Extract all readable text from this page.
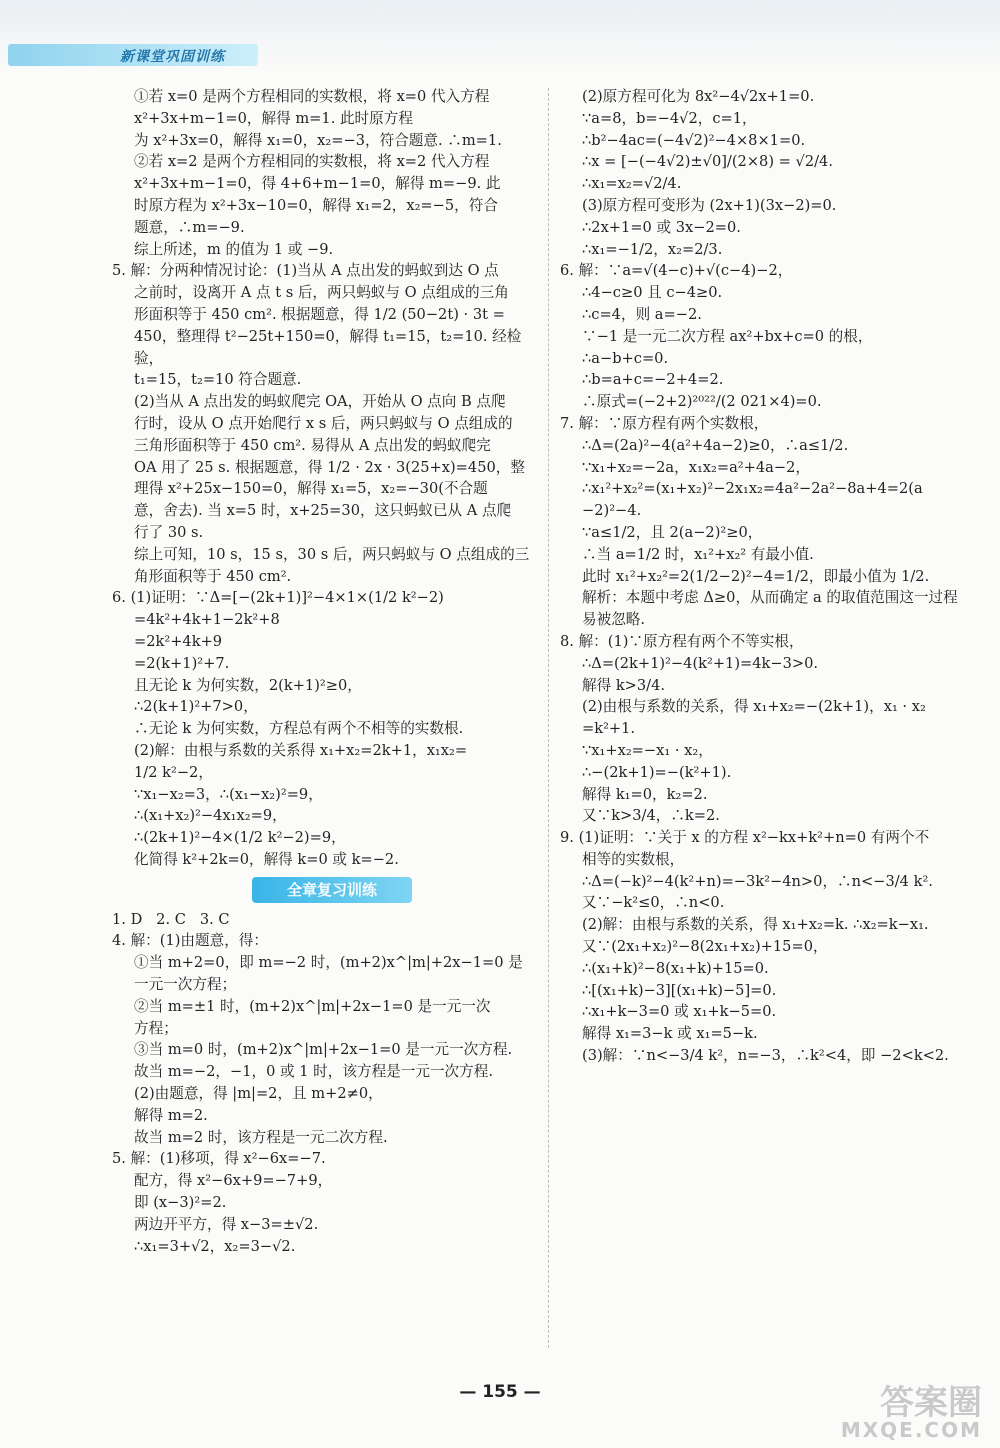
新课堂巩固训练
①若 x=0 是两个方程相同的实数根，将 x=0 代入方程
x²+3x+m−1=0，解得 m=1. 此时原方程
为 x²+3x=0，解得 x₁=0，x₂=−3，符合题意. ∴m=1.
②若 x=2 是两个方程相同的实数根，将 x=2 代入方程
x²+3x+m−1=0，得 4+6+m−1=0，解得 m=−9. 此
时原方程为 x²+3x−10=0，解得 x₁=2，x₂=−5，符合
题意，∴m=−9.
综上所述，m 的值为 1 或 −9.
5. 解：分两种情况讨论：(1)当从 A 点出发的蚂蚁到达 O 点
之前时，设离开 A 点 t s 后，两只蚂蚁与 O 点组成的三角
形面积等于 450 cm². 根据题意，得 1/2 (50−2t) · 3t =
450，整理得 t²−25t+150=0，解得 t₁=15，t₂=10. 经检验，
t₁=15，t₂=10 符合题意.
(2)当从 A 点出发的蚂蚁爬完 OA，开始从 O 点向 B 点爬
行时，设从 O 点开始爬行 x s 后，两只蚂蚁与 O 点组成的
三角形面积等于 450 cm². 易得从 A 点出发的蚂蚁爬完
OA 用了 25 s. 根据题意，得 1/2 · 2x · 3(25+x)=450，整
理得 x²+25x−150=0，解得 x₁=5，x₂=−30(不合题
意，舍去). 当 x=5 时，x+25=30，这只蚂蚁已从 A 点爬
行了 30 s.
综上可知，10 s，15 s，30 s 后，两只蚂蚁与 O 点组成的三
角形面积等于 450 cm².
6. (1)证明：∵Δ=[−(2k+1)]²−4×1×(1/2 k²−2)
=4k²+4k+1−2k²+8
=2k²+4k+9
=2(k+1)²+7.
且无论 k 为何实数，2(k+1)²≥0，
∴2(k+1)²+7>0，
∴无论 k 为何实数，方程总有两个不相等的实数根.
(2)解：由根与系数的关系得 x₁+x₂=2k+1，x₁x₂=
1/2 k²−2，
∵x₁−x₂=3，∴(x₁−x₂)²=9，
∴(x₁+x₂)²−4x₁x₂=9，
∴(2k+1)²−4×(1/2 k²−2)=9，
化简得 k²+2k=0，解得 k=0 或 k=−2.
全章复习训练
1. D   2. C   3. C
4. 解：(1)由题意，得：
①当 m+2=0，即 m=−2 时，(m+2)x^|m|+2x−1=0 是
一元一次方程；
②当 m=±1 时，(m+2)x^|m|+2x−1=0 是一元一次
方程；
③当 m=0 时，(m+2)x^|m|+2x−1=0 是一元一次方程.
故当 m=−2，−1，0 或 1 时，该方程是一元一次方程.
(2)由题意，得 |m|=2，且 m+2≠0，
解得 m=2.
故当 m=2 时，该方程是一元二次方程.
5. 解：(1)移项，得 x²−6x=−7.
配方，得 x²−6x+9=−7+9，
即 (x−3)²=2.
两边开平方，得 x−3=±√2.
∴x₁=3+√2，x₂=3−√2.
(2)原方程可化为 8x²−4√2x+1=0.
∵a=8，b=−4√2，c=1，
∴b²−4ac=(−4√2)²−4×8×1=0.
∴x = [−(−4√2)±√0]/(2×8) = √2/4.
∴x₁=x₂=√2/4.
(3)原方程可变形为 (2x+1)(3x−2)=0.
∴2x+1=0 或 3x−2=0.
∴x₁=−1/2，x₂=2/3.
6. 解：∵a=√(4−c)+√(c−4)−2，
∴4−c≥0 且 c−4≥0.
∴c=4，则 a=−2.
∵−1 是一元二次方程 ax²+bx+c=0 的根，
∴a−b+c=0.
∴b=a+c=−2+4=2.
∴原式=(−2+2)²⁰²²/(2 021×4)=0.
7. 解：∵原方程有两个实数根，
∴Δ=(2a)²−4(a²+4a−2)≥0，∴a≤1/2.
∵x₁+x₂=−2a，x₁x₂=a²+4a−2，
∴x₁²+x₂²=(x₁+x₂)²−2x₁x₂=4a²−2a²−8a+4=2(a
−2)²−4.
∵a≤1/2，且 2(a−2)²≥0，
∴当 a=1/2 时，x₁²+x₂² 有最小值.
此时 x₁²+x₂²=2(1/2−2)²−4=1/2，即最小值为 1/2.
解析：本题中考虑 Δ≥0，从而确定 a 的取值范围这一过程
易被忽略.
8. 解：(1)∵原方程有两个不等实根，
∴Δ=(2k+1)²−4(k²+1)=4k−3>0.
解得 k>3/4.
(2)由根与系数的关系，得 x₁+x₂=−(2k+1)，x₁ · x₂
=k²+1.
∵x₁+x₂=−x₁ · x₂，
∴−(2k+1)=−(k²+1).
解得 k₁=0，k₂=2.
又∵k>3/4，∴k=2.
9. (1)证明：∵关于 x 的方程 x²−kx+k²+n=0 有两个不
相等的实数根，
∴Δ=(−k)²−4(k²+n)=−3k²−4n>0，∴n<−3/4 k².
又∵−k²≤0，∴n<0.
(2)解：由根与系数的关系，得 x₁+x₂=k. ∴x₂=k−x₁.
又∵(2x₁+x₂)²−8(2x₁+x₂)+15=0，
∴(x₁+k)²−8(x₁+k)+15=0.
∴[(x₁+k)−3][(x₁+k)−5]=0.
∴x₁+k−3=0 或 x₁+k−5=0.
解得 x₁=3−k 或 x₁=5−k.
(3)解：∵n<−3/4 k²，n=−3，∴k²<4，即 −2<k<2.
— 155 —	答案圈
MXQE.COM
